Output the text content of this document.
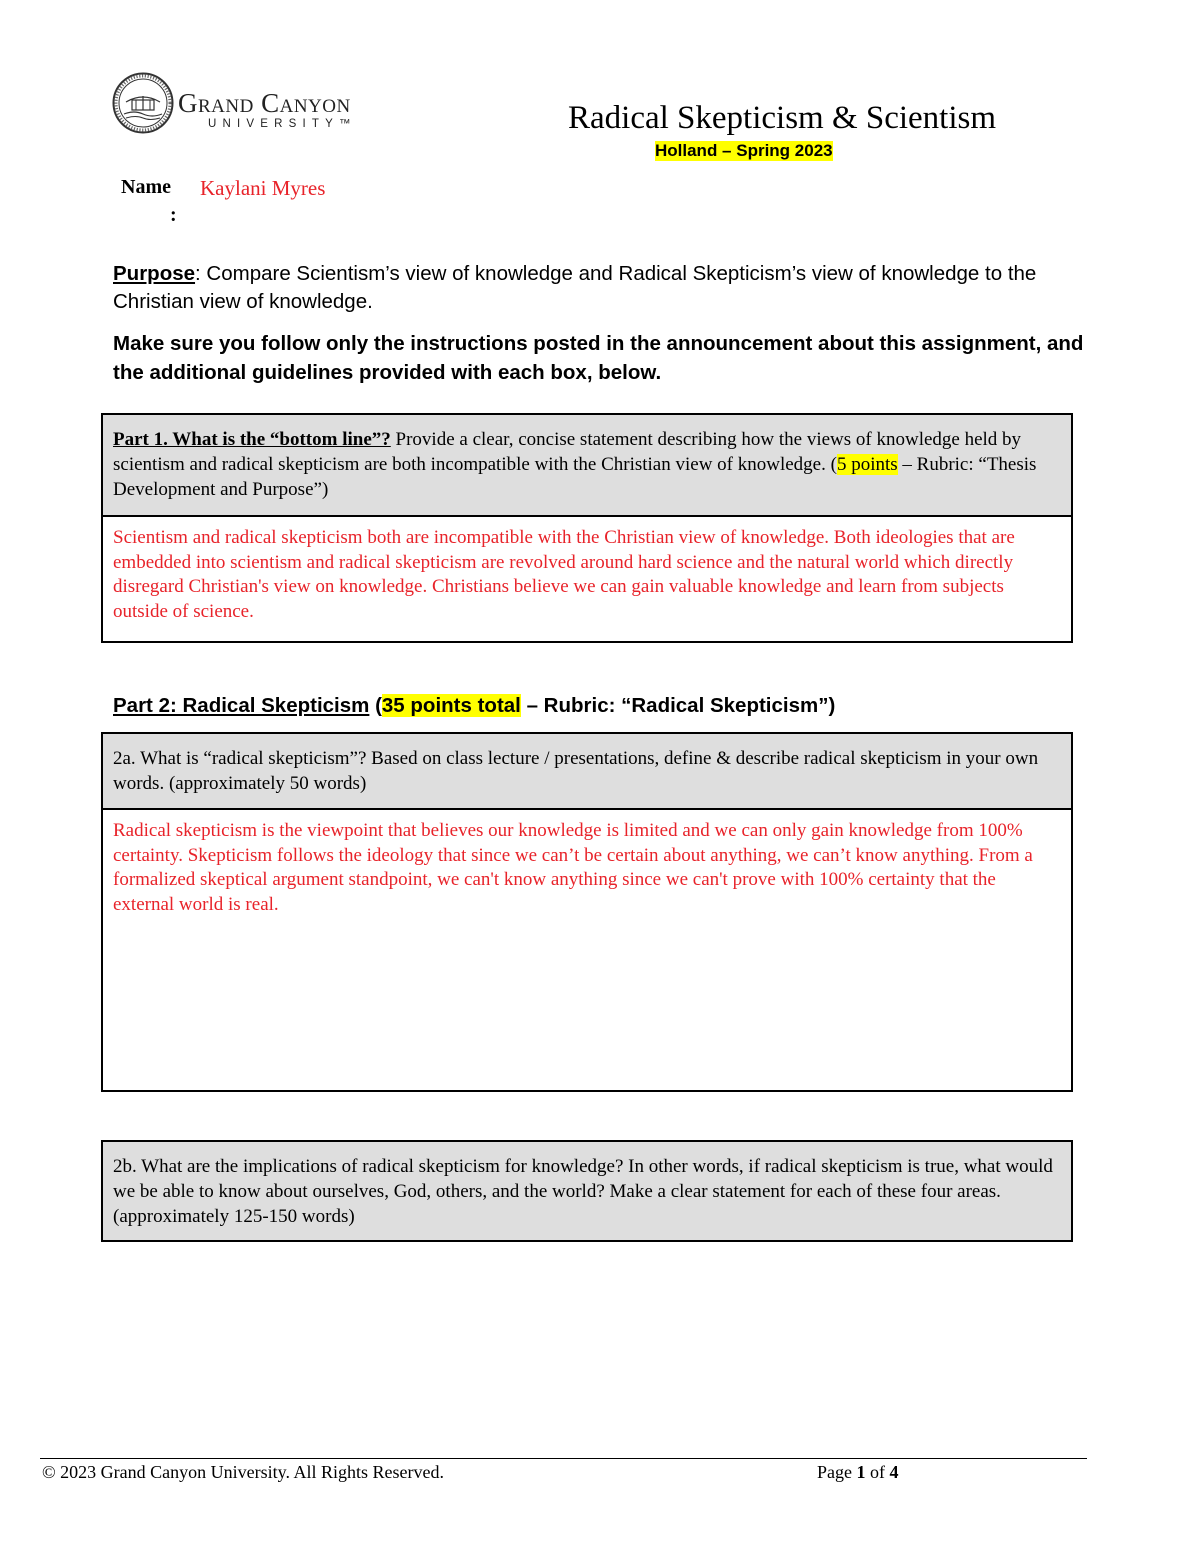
Grand Canyon
UNIVERSITY™	Radical Skepticism & Scientism
Holland – Spring 2023
Name
:
Kaylani Myres
Purpose: Compare Scientism’s view of knowledge and Radical Skepticism’s view of knowledge to the Christian view of knowledge.
Make sure you follow only the instructions posted in the announcement about this assignment, and the additional guidelines provided with each box, below.
Part 1. What is the “bottom line”? Provide a clear, concise statement describing how the views of knowledge held by scientism and radical skepticism are both incompatible with the Christian view of knowledge. (5 points – Rubric: “Thesis Development and Purpose”)
Scientism and radical skepticism both are incompatible with the Christian view of knowledge. Both ideologies that are embedded into scientism and radical skepticism are revolved around hard science and the natural world which directly disregard Christian's view on knowledge. Christians believe we can gain valuable knowledge and learn from subjects outside of science.
Part 2: Radical Skepticism (35 points total – Rubric: “Radical Skepticism”)
2a. What is “radical skepticism”? Based on class lecture / presentations, define & describe radical skepticism in your own words. (approximately 50 words)
Radical skepticism is the viewpoint that believes our knowledge is limited and we can only gain knowledge from 100% certainty. Skepticism follows the ideology that since we can’t be certain about anything, we can’t know anything. From a formalized skeptical argument standpoint, we can't know anything since we can't prove with 100% certainty that the external world is real.
2b. What are the implications of radical skepticism for knowledge? In other words, if radical skepticism is true, what would we be able to know about ourselves, God, others, and the world? Make a clear statement for each of these four areas. (approximately 125-150 words)
© 2023 Grand Canyon University. All Rights Reserved.	Page 1 of 4
